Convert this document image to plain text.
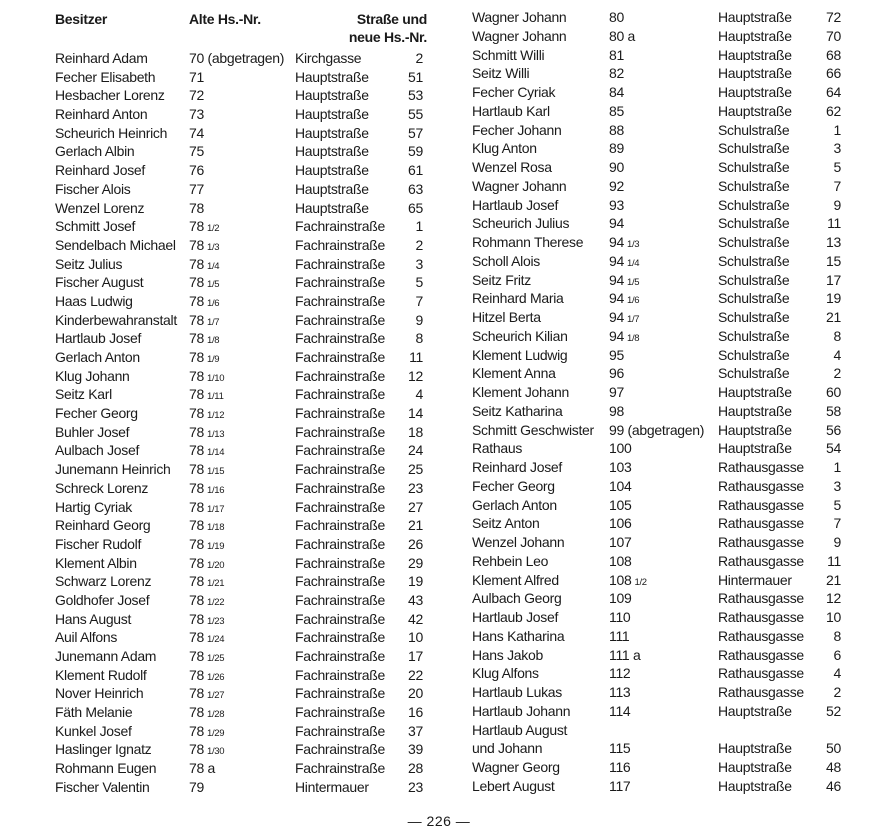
Besitzer	Alte Hs.-Nr.	Straße und
neue Hs.-Nr.
Reinhard Adam	70 (abgetragen) Kirchgasse	2
Fecher Elisabeth 71	Hauptstraße	51
Hesbacher Lorenz 72	Hauptstraße	53
Reinhard Anton	73	Hauptstraße	55
Scheurich Heinrich 74	Hauptstraße	57
Gerlach Albin	75	Hauptstraße	59
Reinhard Josef	76	Hauptstraße	61
Fischer Alois	77	Hauptstraße	63
Wenzel Lorenz	78	Hauptstraße	65
Schmitt Josef	78 1/2	Fachrainstraße 1
Sendelbach Michael 78 1/3	Fachrainstraße 2
Seitz Julius	78 1/4	Fachrainstraße 3
Fischer August	78 1/5	Fachrainstraße 5
Haas Ludwig	78 1/6	Fachrainstraße 7
Kinderbewahranstalt 78 1/7	Fachrainstraße 9
Hartlaub Josef	78 1/8	Fachrainstraße 8
Gerlach Anton	78 1/9	Fachrainstraße 11
Klug Johann	78 1/10	Fachrainstraße 12
Seitz Karl	78 1/11	Fachrainstraße 4
Fecher Georg	78 1/12	Fachrainstraße 14
Buhler Josef	78 1/13	Fachrainstraße 18
Aulbach Josef	78 1/14	Fachrainstraße 24
Junemann Heinrich 78 1/15	Fachrainstraße 25
Schreck Lorenz	78 1/16	Fachrainstraße 23
Hartig Cyriak	78 1/17	Fachrainstraße 27
Reinhard Georg	78 1/18	Fachrainstraße 21
Fischer Rudolf	78 1/19	Fachrainstraße 26
Klement Albin	78 1/20	Fachrainstraße 29
Schwarz Lorenz	78 1/21	Fachrainstraße 19
Goldhofer Josef	78 1/22	Fachrainstraße 43
Hans August	78 1/23	Fachrainstraße 42
Auil Alfons	78 1/24	Fachrainstraße 10
Junemann Adam 78 1/25	Fachrainstraße 17
Klement Rudolf	78 1/26	Fachrainstraße 22
Nover Heinrich	78 1/27	Fachrainstraße 20
Fäth Melanie	78 1/28	Fachrainstraße 16
Kunkel Josef	78 1/29	Fachrainstraße 37
Haslinger Ignatz	78 1/30	Fachrainstraße 39
Rohmann Eugen 78 a	Fachrainstraße 28
Fischer Valentin	79	Hintermauer	23
Wagner Johann	80	Hauptstraße 72
Wagner Johann	80 a	Hauptstraße 70
Schmitt Willi	81	Hauptstraße 68
Seitz Willi	82	Hauptstraße 66
Fecher Cyriak	84	Hauptstraße 64
Hartlaub Karl	85	Hauptstraße 62
Fecher Johann	88	Schulstraße	1
Klug Anton	89	Schulstraße	3
Wenzel Rosa	90	Schulstraße	5
Wagner Johann	92	Schulstraße	7
Hartlaub Josef	93	Schulstraße	9
Scheurich Julius	94	Schulstraße	11
Rohmann Therese 94 1/3	Schulstraße	13
Scholl Alois	94 1/4	Schulstraße	15
Seitz Fritz	94 1/5	Schulstraße	17
Reinhard Maria	94 1/6	Schulstraße	19
Hitzel Berta	94 1/7	Schulstraße	21
Scheurich Kilian	94 1/8	Schulstraße	8
Klement Ludwig	95	Schulstraße	4
Klement Anna	96	Schulstraße	2
Klement Johann	97	Hauptstraße 60
Seitz Katharina	98	Hauptstraße 58
Schmitt Geschwister 99 (abgetragen) Hauptstraße 56
Rathaus	100	Hauptstraße 54
Reinhard Josef	103	Rathausgasse 1
Fecher Georg	104	Rathausgasse 3
Gerlach Anton	105	Rathausgasse 5
Seitz Anton	106	Rathausgasse 7
Wenzel Johann	107	Rathausgasse 9
Rehbein Leo	108	Rathausgasse 11
Klement Alfred	108 1/2	Hintermauer 21
Aulbach Georg	109	Rathausgasse 12
Hartlaub Josef	110	Rathausgasse 10
Hans Katharina	111	Rathausgasse 8
Hans Jakob	111 a	Rathausgasse 6
Klug Alfons	112	Rathausgasse 4
Hartlaub Lukas	113	Rathausgasse 2
Hartlaub Johann	114	Hauptstraße 52
Hartlaub August
und Johann	115	Hauptstraße 50
Wagner Georg	116	Hauptstraße 48
Lebert August	117	Hauptstraße 46
— 226 —
